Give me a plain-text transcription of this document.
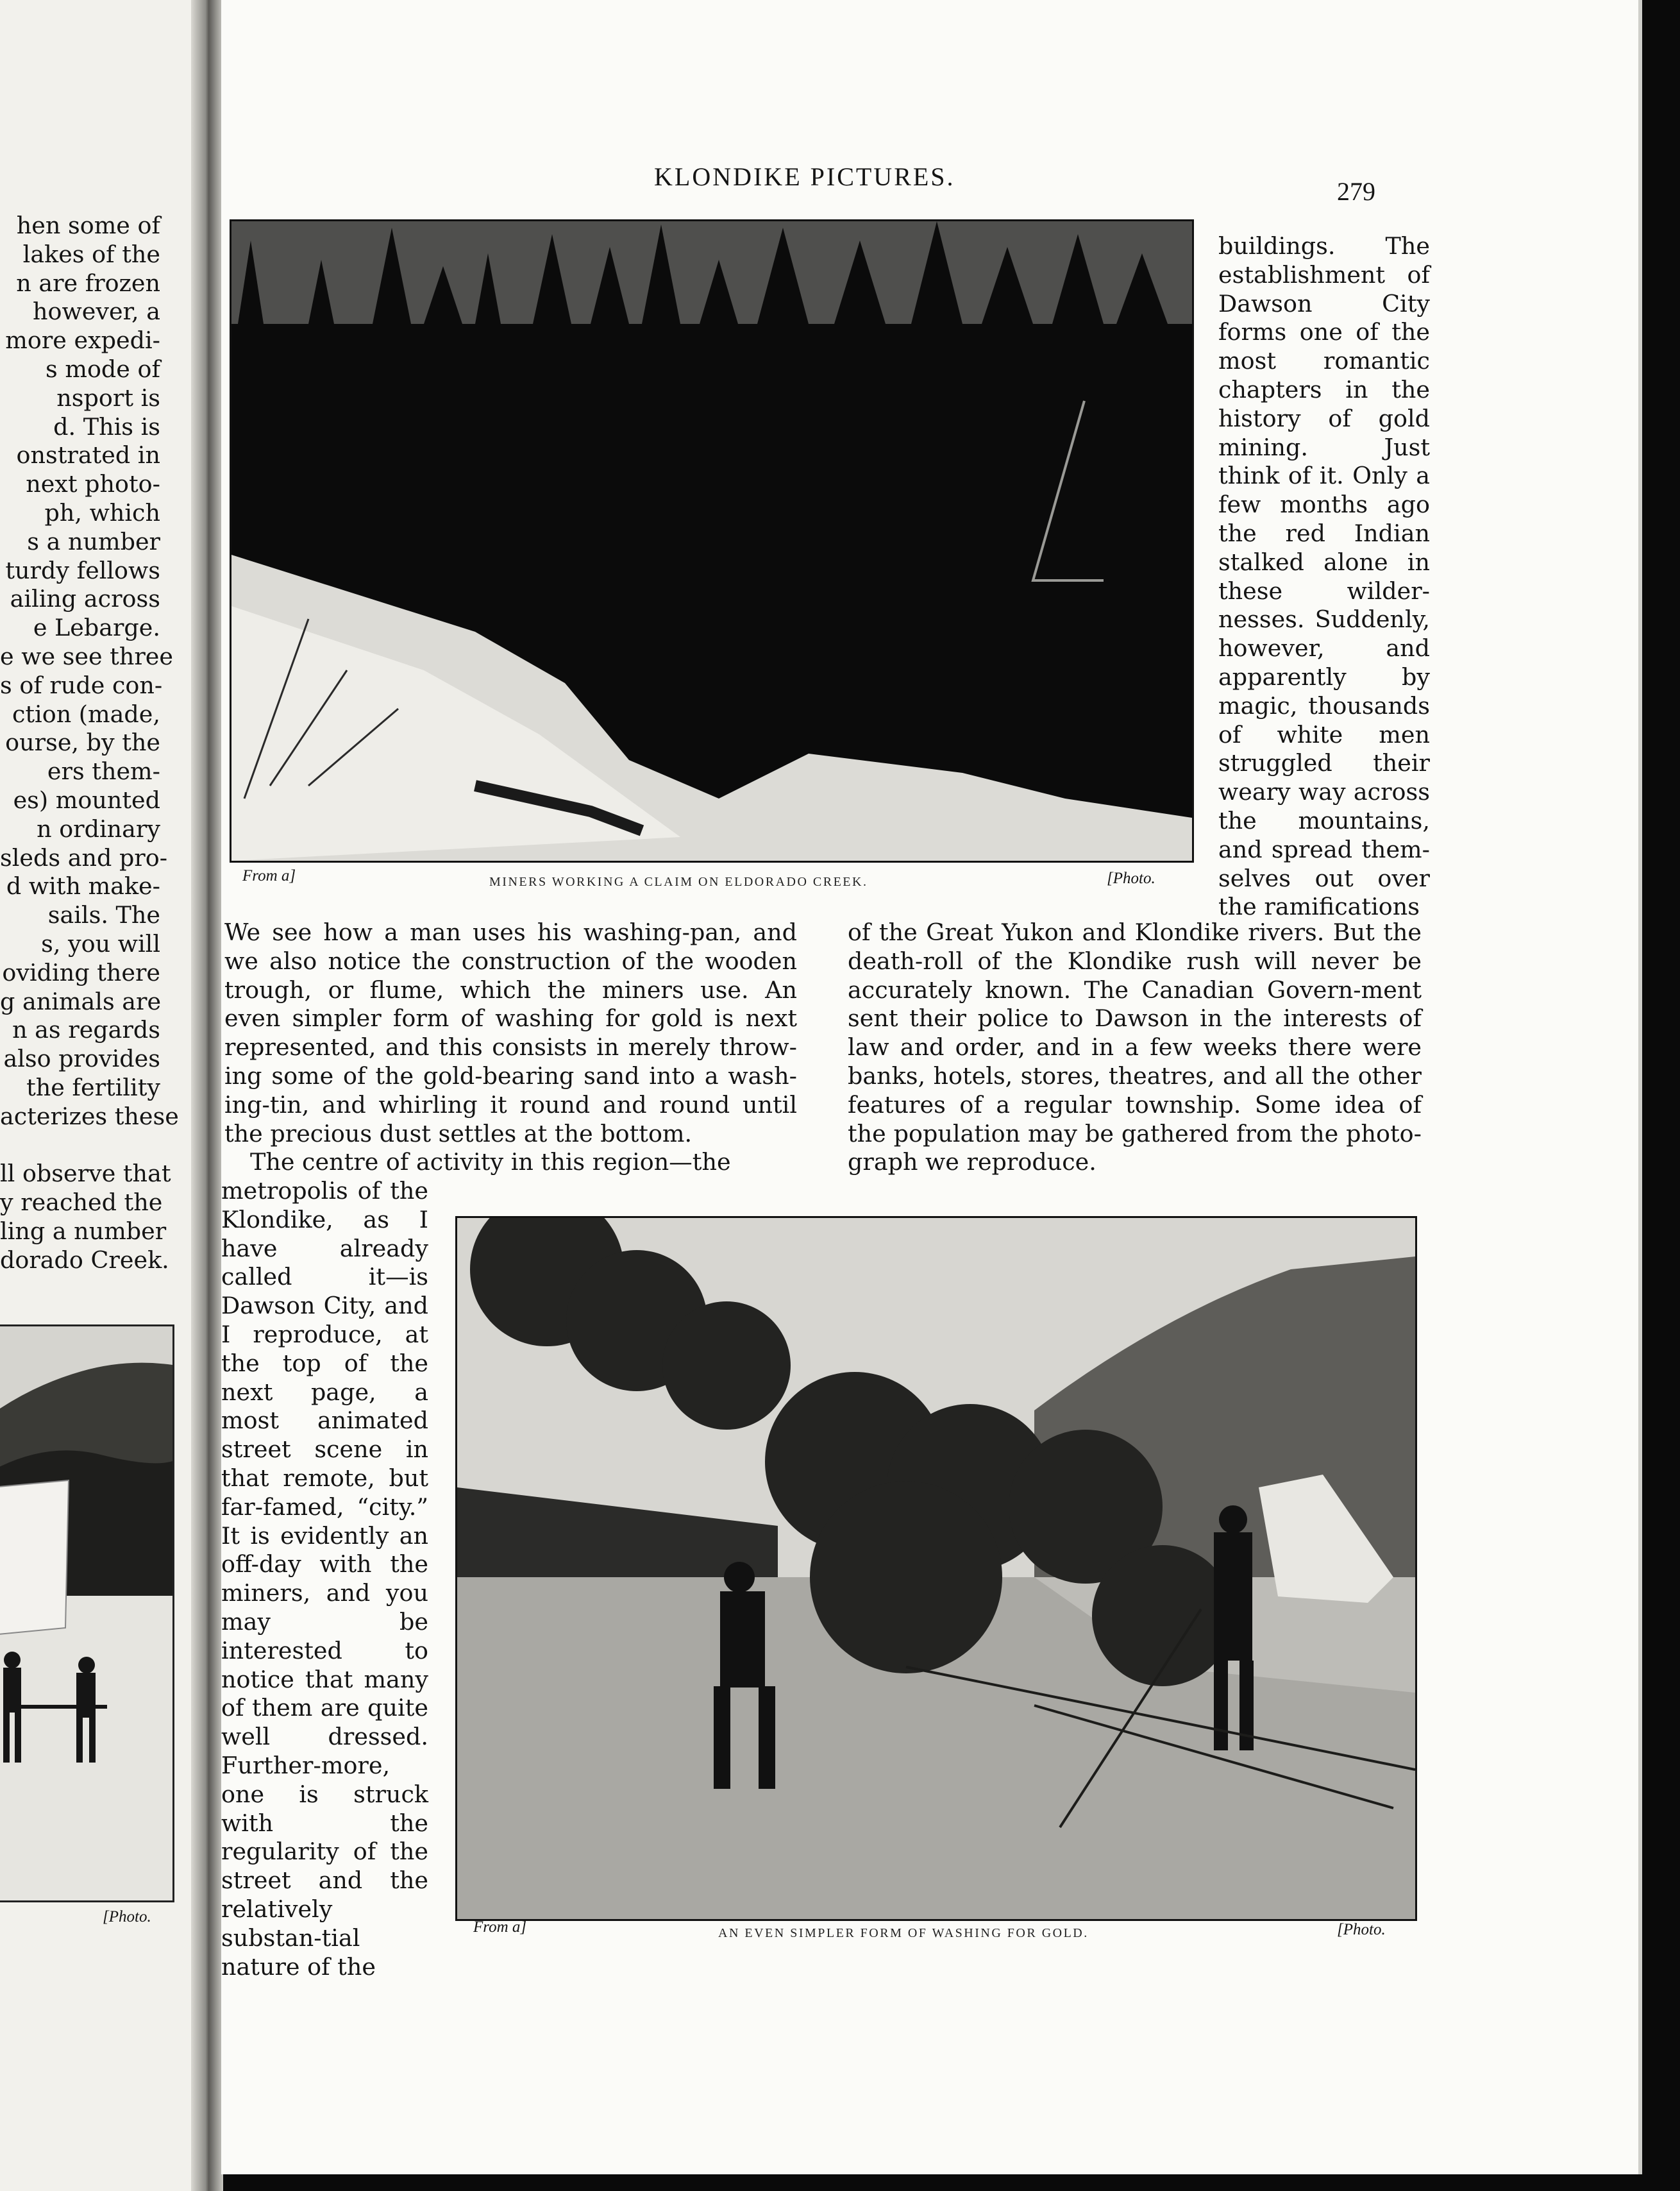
hen some of
lakes of the
n are frozen
however, a
more expedi-
s mode of
nsport is
d. This is
onstrated in
next photo-
ph, which
s a number
turdy fellows
ailing across
e Lebarge.
e we see three
s of rude con-
ction (made,
ourse, by the
ers them-
es) mounted
n ordinary
sleds and pro-
d with make-
sails. The
s, you will
oviding there
g animals are
n as regards
also provides
the fertility
acterizes these
ll observe that
y reached the
ling a number
dorado Creek.
[Photo.
KLONDIKE PICTURES.
279
From a]	MINERS WORKING A CLAIM ON ELDORADO CREEK.	[Photo.

buildings. The establishment of Dawson City forms one of the most romantic chapters in the history of gold mining. Just think of it. Only a few months ago the red Indian stalked alone in these wilder-nesses. Suddenly, however, and apparently by magic, thousands of white men struggled their weary way across the mountains, and spread them-selves out over the ramifications

We see how a man uses his washing-pan, and we also notice the construction of the wooden trough, or flume, which the miners use. An even simpler form of washing for gold is next represented, and this consists in merely throw-ing some of the gold-bearing sand into a wash-ing-tin, and whirling it round and round until the precious dust settles at the bottom.

The centre of activity in this region—the

of the Great Yukon and Klondike rivers. But the death-roll of the Klondike rush will never be accurately known. The Canadian Govern-ment sent their police to Dawson in the interests of law and order, and in a few weeks there were banks, hotels, stores, theatres, and all the other features of a regular township. Some idea of the population may be gathered from the photo-graph we reproduce.

metropolis of the Klondike, as I have already called it—is Dawson City, and I reproduce, at the top of the next page, a most animated street scene in that remote, but far-famed, “city.” It is evidently an off-day with the miners, and you may be interested to notice that many of them are quite well dressed. Further-more, one is struck with the regularity of the street and the relatively substan-tial nature of the

From a]	AN EVEN SIMPLER FORM OF WASHING FOR GOLD.	[Photo.
